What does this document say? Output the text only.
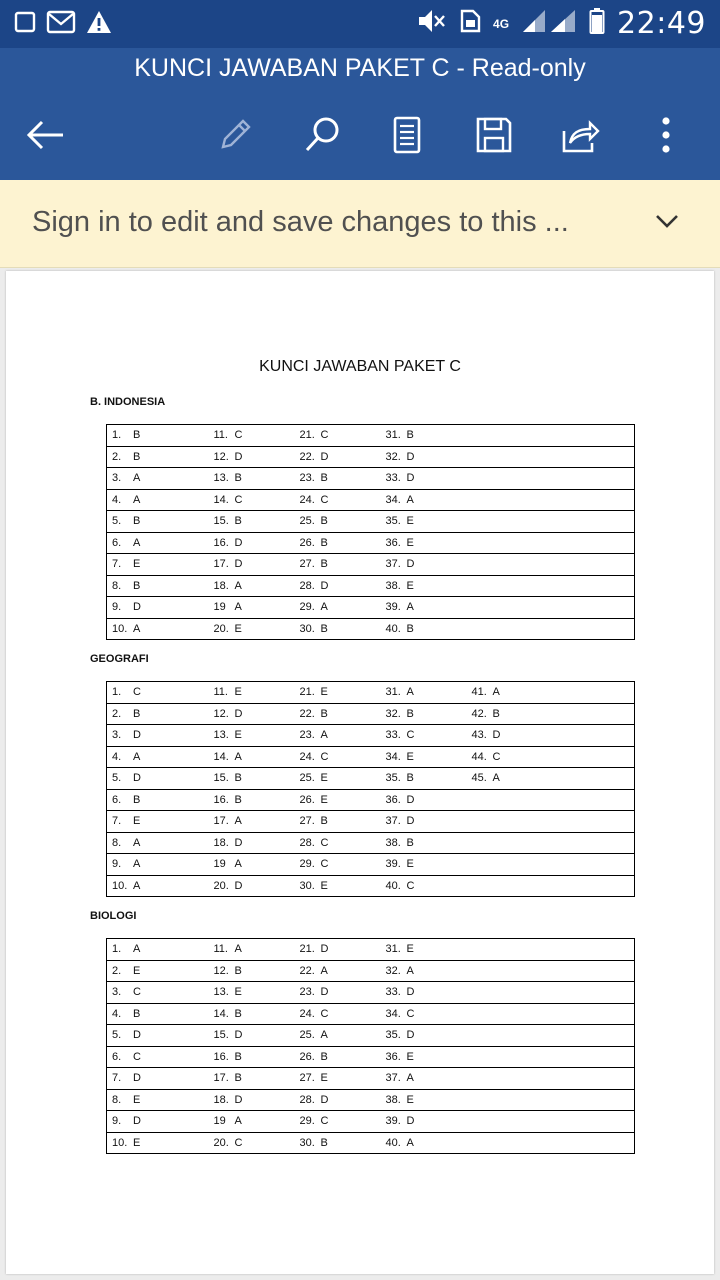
4G	22:49
KUNCI JAWABAN PAKET C - Read-only
Sign in to edit and save changes to this ...
KUNCI JAWABAN PAKET C
B. INDONESIA
1. B	11. C	21. C	31. B	
2. B	12. D	22. D	32. D	
3. A	13. B	23. B	33. D	
4. A	14. C	24. C	34. A	
5. B	15. B	25. B	35. E	
6. A	16. D	26. B	36. E	
7. E	17. D	27. B	37. D	
8. B	18. A	28. D	38. E	
9. D	19 A	29. A	39. A	
10. A	20. E	30. B	40. B	
GEOGRAFI
1. C	11. E	21. E	31. A	41. A
2. B	12. D	22. B	32. B	42. B
3. D	13. E	23. A	33. C	43. D
4. A	14. A	24. C	34. E	44. C
5. D	15. B	25. E	35. B	45. A
6. B	16. B	26. E	36. D	
7. E	17. A	27. B	37. D	
8. A	18. D	28. C	38. B	
9. A	19 A	29. C	39. E	
10. A	20. D	30. E	40. C	
BIOLOGI
1. A	11. A	21. D	31. E	
2. E	12. B	22. A	32. A	
3. C	13. E	23. D	33. D	
4. B	14. B	24. C	34. C	
5. D	15. D	25. A	35. D	
6. C	16. B	26. B	36. E	
7. D	17. B	27. E	37. A	
8. E	18. D	28. D	38. E	
9. D	19 A	29. C	39. D	
10. E	20. C	30. B	40. A	
